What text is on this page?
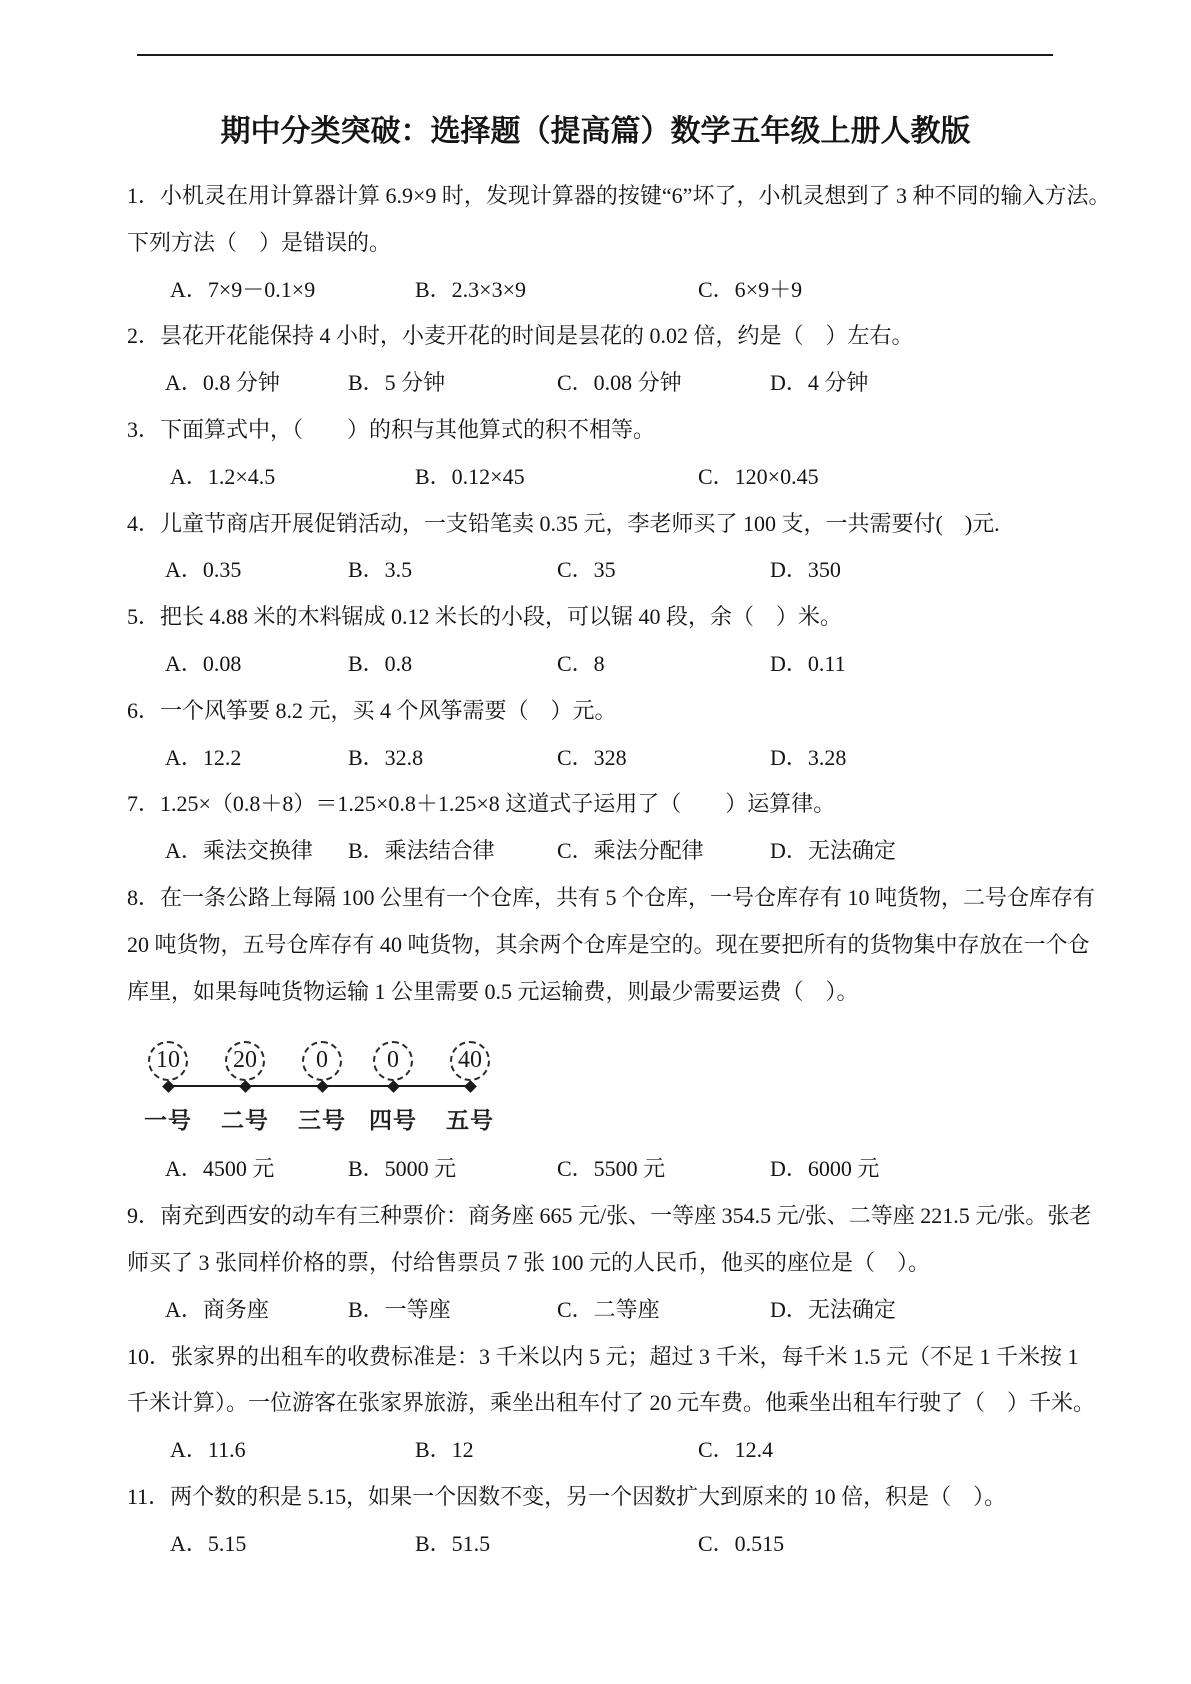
期中分类突破：选择题（提高篇）数学五年级上册人教版
1．小机灵在用计算器计算 6.9×9 时，发现计算器的按键“6”坏了，小机灵想到了 3 种不同的输入方法。
下列方法（　）是错误的。
A．7×9－0.1×9	B．2.3×3×9	C．6×9＋9
2．昙花开花能保持 4 小时，小麦开花的时间是昙花的 0.02 倍，约是（　）左右。
A．0.8 分钟	B．5 分钟	C．0.08 分钟	D．4 分钟
3．下面算式中，（　　）的积与其他算式的积不相等。
A．1.2×4.5	B．0.12×45	C．120×0.45
4．儿童节商店开展促销活动，一支铅笔卖 0.35 元，李老师买了 100 支，一共需要付(　)元.
A．0.35	B．3.5	C．35	D．350
5．把长 4.88 米的木料锯成 0.12 米长的小段，可以锯 40 段，余（　）米。
A．0.08	B．0.8	C．8	D．0.11
6．一个风筝要 8.2 元，买 4 个风筝需要（　）元。
A．12.2	B．32.8	C．328	D．3.28
7．1.25×（0.8＋8）＝1.25×0.8＋1.25×8 这道式子运用了（　　）运算律。
A．乘法交换律 B．乘法结合律	C．乘法分配律	D．无法确定
8．在一条公路上每隔 100 公里有一个仓库，共有 5 个仓库，一号仓库存有 10 吨货物，二号仓库存有
20 吨货物，五号仓库存有 40 吨货物，其余两个仓库是空的。现在要把所有的货物集中存放在一个仓
库里，如果每吨货物运输 1 公里需要 0.5 元运输费，则最少需要运费（　）。
10	20	0	0	40
一号	二号	三号	四号	五号
A．4500 元	B．5000 元	C．5500 元	D．6000 元
9．南充到西安的动车有三种票价：商务座 665 元/张、一等座 354.5 元/张、二等座 221.5 元/张。张老
师买了 3 张同样价格的票，付给售票员 7 张 100 元的人民币，他买的座位是（　）。
A．商务座	B．一等座	C．二等座	D．无法确定
10．张家界的出租车的收费标准是：3 千米以内 5 元；超过 3 千米，每千米 1.5 元（不足 1 千米按 1
千米计算）。一位游客在张家界旅游，乘坐出租车付了 20 元车费。他乘坐出租车行驶了（　）千米。
A．11.6	B．12	C．12.4
11．两个数的积是 5.15，如果一个因数不变，另一个因数扩大到原来的 10 倍，积是（　）。
A．5.15	B．51.5	C．0.515
